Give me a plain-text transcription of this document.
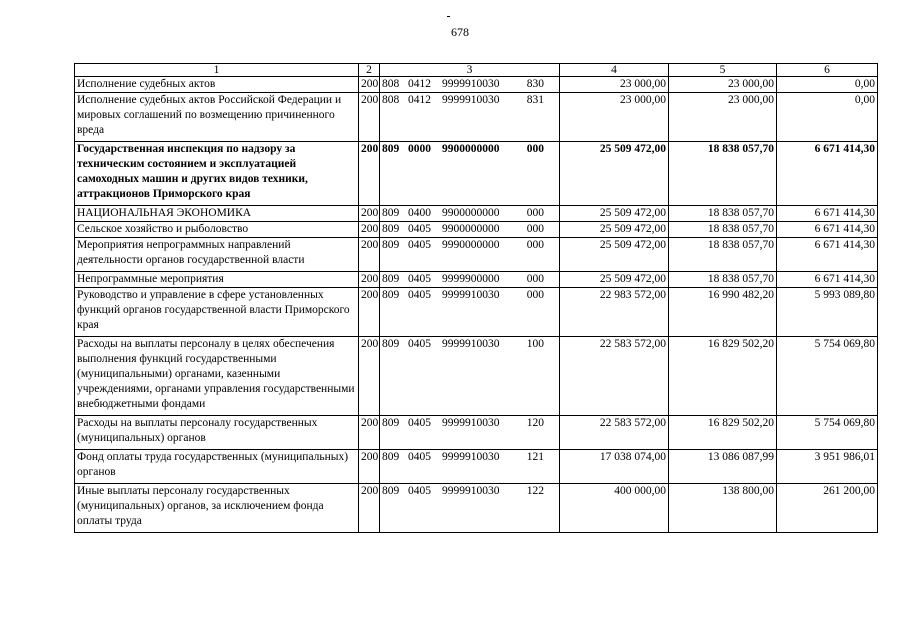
678
1	2	3	4	5	6
Исполнение судебных актов	200	808 0412 9999910030 830	23 000,00	23 000,00	0,00
Исполнение судебных актов Российской Федерации и мировых соглашений по возмещению причиненного вреда	200	808 0412 9999910030 831	23 000,00	23 000,00	0,00
Государственная инспекция по надзору за техническим состоянием и эксплуатацией самоходных машин и других видов техники, аттракционов Приморского края	200	809 0000 9900000000 000	25 509 472,00	18 838 057,70	6 671 414,30
НАЦИОНАЛЬНАЯ ЭКОНОМИКА	200	809 0400 9900000000 000	25 509 472,00	18 838 057,70	6 671 414,30
Сельское хозяйство и рыболовство	200	809 0405 9900000000 000	25 509 472,00	18 838 057,70	6 671 414,30
Мероприятия непрограммных направлений деятельности органов государственной власти	200	809 0405 9990000000 000	25 509 472,00	18 838 057,70	6 671 414,30
Непрограммные мероприятия	200	809 0405 9999900000 000	25 509 472,00	18 838 057,70	6 671 414,30
Руководство и управление в сфере установленных функций органов государственной власти Приморского края	200	809 0405 9999910030 000	22 983 572,00	16 990 482,20	5 993 089,80
Расходы на выплаты персоналу в целях обеспечения выполнения функций государственными (муниципальными) органами, казенными учреждениями, органами управления государственными внебюджетными фондами	200	809 0405 9999910030 100	22 583 572,00	16 829 502,20	5 754 069,80
Расходы на выплаты персоналу государственных (муниципальных) органов	200	809 0405 9999910030 120	22 583 572,00	16 829 502,20	5 754 069,80
Фонд оплаты труда государственных (муниципальных) органов	200	809 0405 9999910030 121	17 038 074,00	13 086 087,99	3 951 986,01
Иные выплаты персоналу государственных (муниципальных) органов, за исключением фонда оплаты труда	200	809 0405 9999910030 122	400 000,00	138 800,00	261 200,00
